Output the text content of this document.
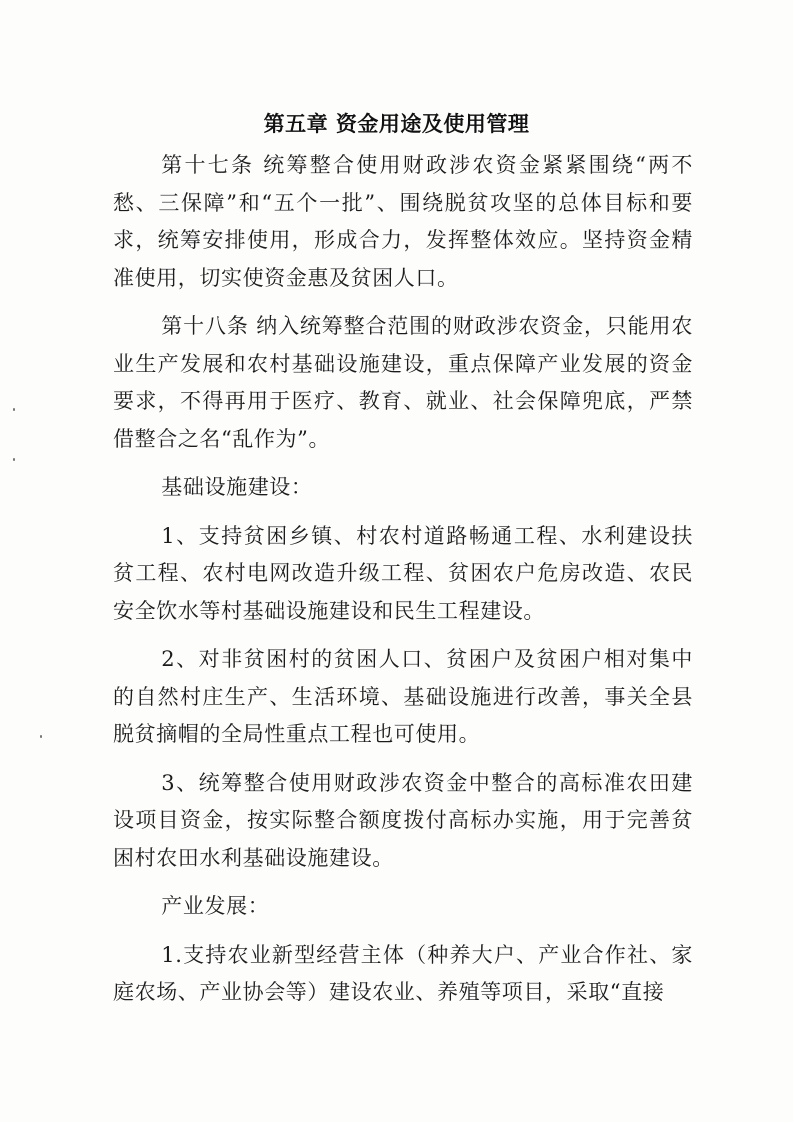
第五章 资金用途及使用管理

第十七条 统筹整合使用财政涉农资金紧紧围绕“两不愁、三保障”和“五个一批”、围绕脱贫攻坚的总体目标和要求，统筹安排使用，形成合力，发挥整体效应。坚持资金精准使用，切实使资金惠及贫困人口。

第十八条 纳入统筹整合范围的财政涉农资金，只能用农业生产发展和农村基础设施建设，重点保障产业发展的资金要求，不得再用于医疗、教育、就业、社会保障兜底，严禁借整合之名“乱作为”。

基础设施建设：

1、支持贫困乡镇、村农村道路畅通工程、水利建设扶贫工程、农村电网改造升级工程、贫困农户危房改造、农民安全饮水等村基础设施建设和民生工程建设。

2、对非贫困村的贫困人口、贫困户及贫困户相对集中的自然村庄生产、生活环境、基础设施进行改善，事关全县脱贫摘帽的全局性重点工程也可使用。

3、统筹整合使用财政涉农资金中整合的高标准农田建设项目资金，按实际整合额度拨付高标办实施，用于完善贫困村农田水利基础设施建设。

产业发展：

1.支持农业新型经营主体（种养大户、产业合作社、家庭农场、产业协会等）建设农业、养殖等项目，采取“直接
